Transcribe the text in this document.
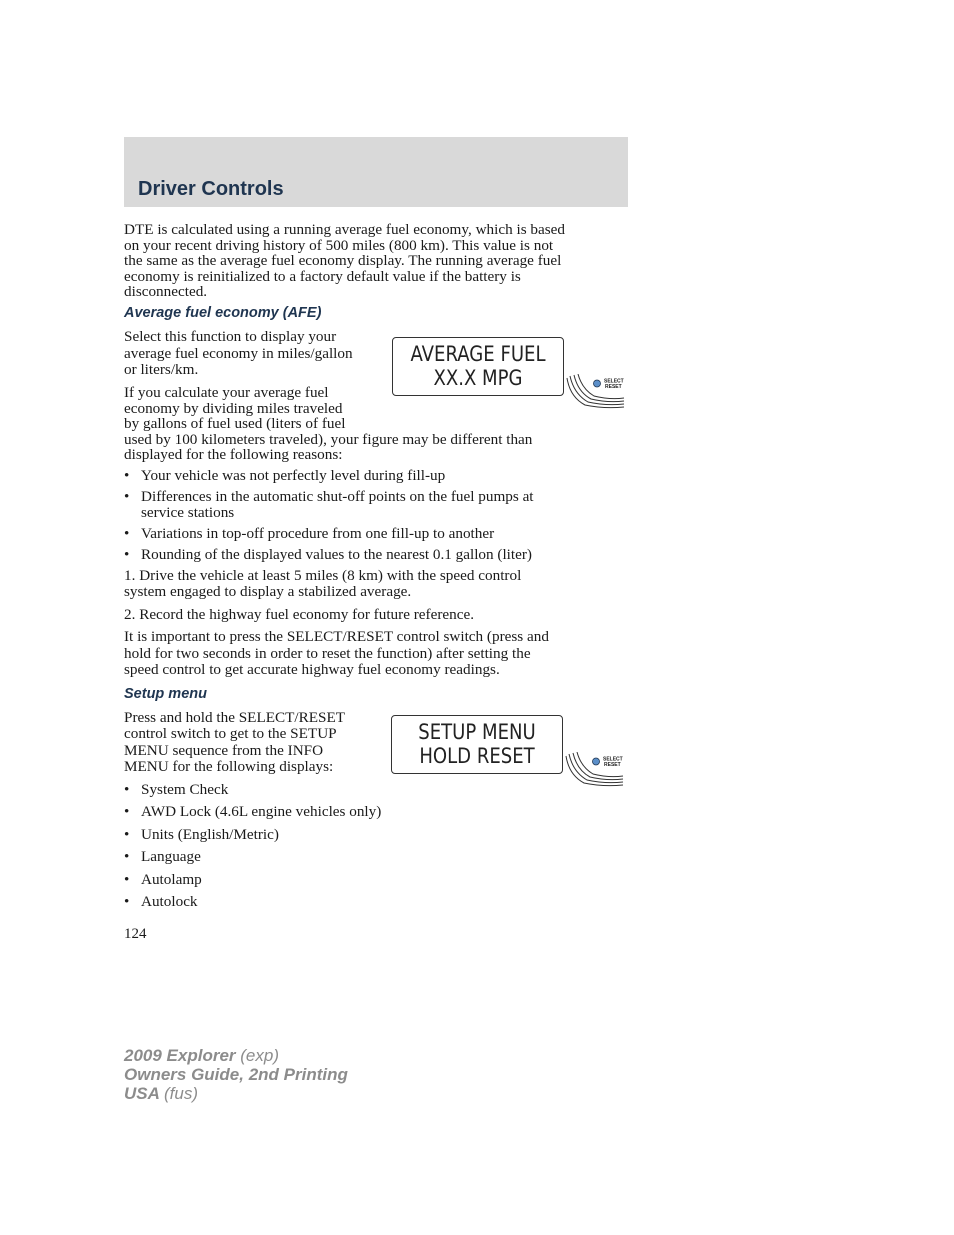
Driver Controls

DTE is calculated using a running average fuel economy, which is based

on your recent driving history of 500 miles (800 km). This value is not

the same as the average fuel economy display. The running average fuel

economy is reinitialized to a factory default value if the battery is

disconnected.

Average fuel economy (AFE)

Select this function to display your

average fuel economy in miles/gallon

or liters/km.

If you calculate your average fuel

economy by dividing miles traveled

by gallons of fuel used (liters of fuel

used by 100 kilometers traveled), your figure may be different than

displayed for the following reasons:

AVERAGE FUEL
XX.X MPG	SELECT
RESET
• Your vehicle was not perfectly level during fill-up
• Differences in the automatic shut-off points on the fuel pumps at
service stations
• Variations in top-off procedure from one fill-up to another
• Rounding of the displayed values to the nearest 0.1 gallon (liter)

1. Drive the vehicle at least 5 miles (8 km) with the speed control

system engaged to display a stabilized average.

2. Record the highway fuel economy for future reference.

It is important to press the SELECT/RESET control switch (press and

hold for two seconds in order to reset the function) after setting the

speed control to get accurate highway fuel economy readings.

Setup menu

Press and hold the SELECT/RESET

control switch to get to the SETUP

MENU sequence from the INFO

MENU for the following displays:

SETUP MENU
HOLD RESET	SELECT
RESET
• System Check
• AWD Lock (4.6L engine vehicles only)
• Units (English/Metric)
• Language
• Autolamp
• Autolock

124

2009 Explorer (exp)
Owners Guide, 2nd Printing
USA (fus)
